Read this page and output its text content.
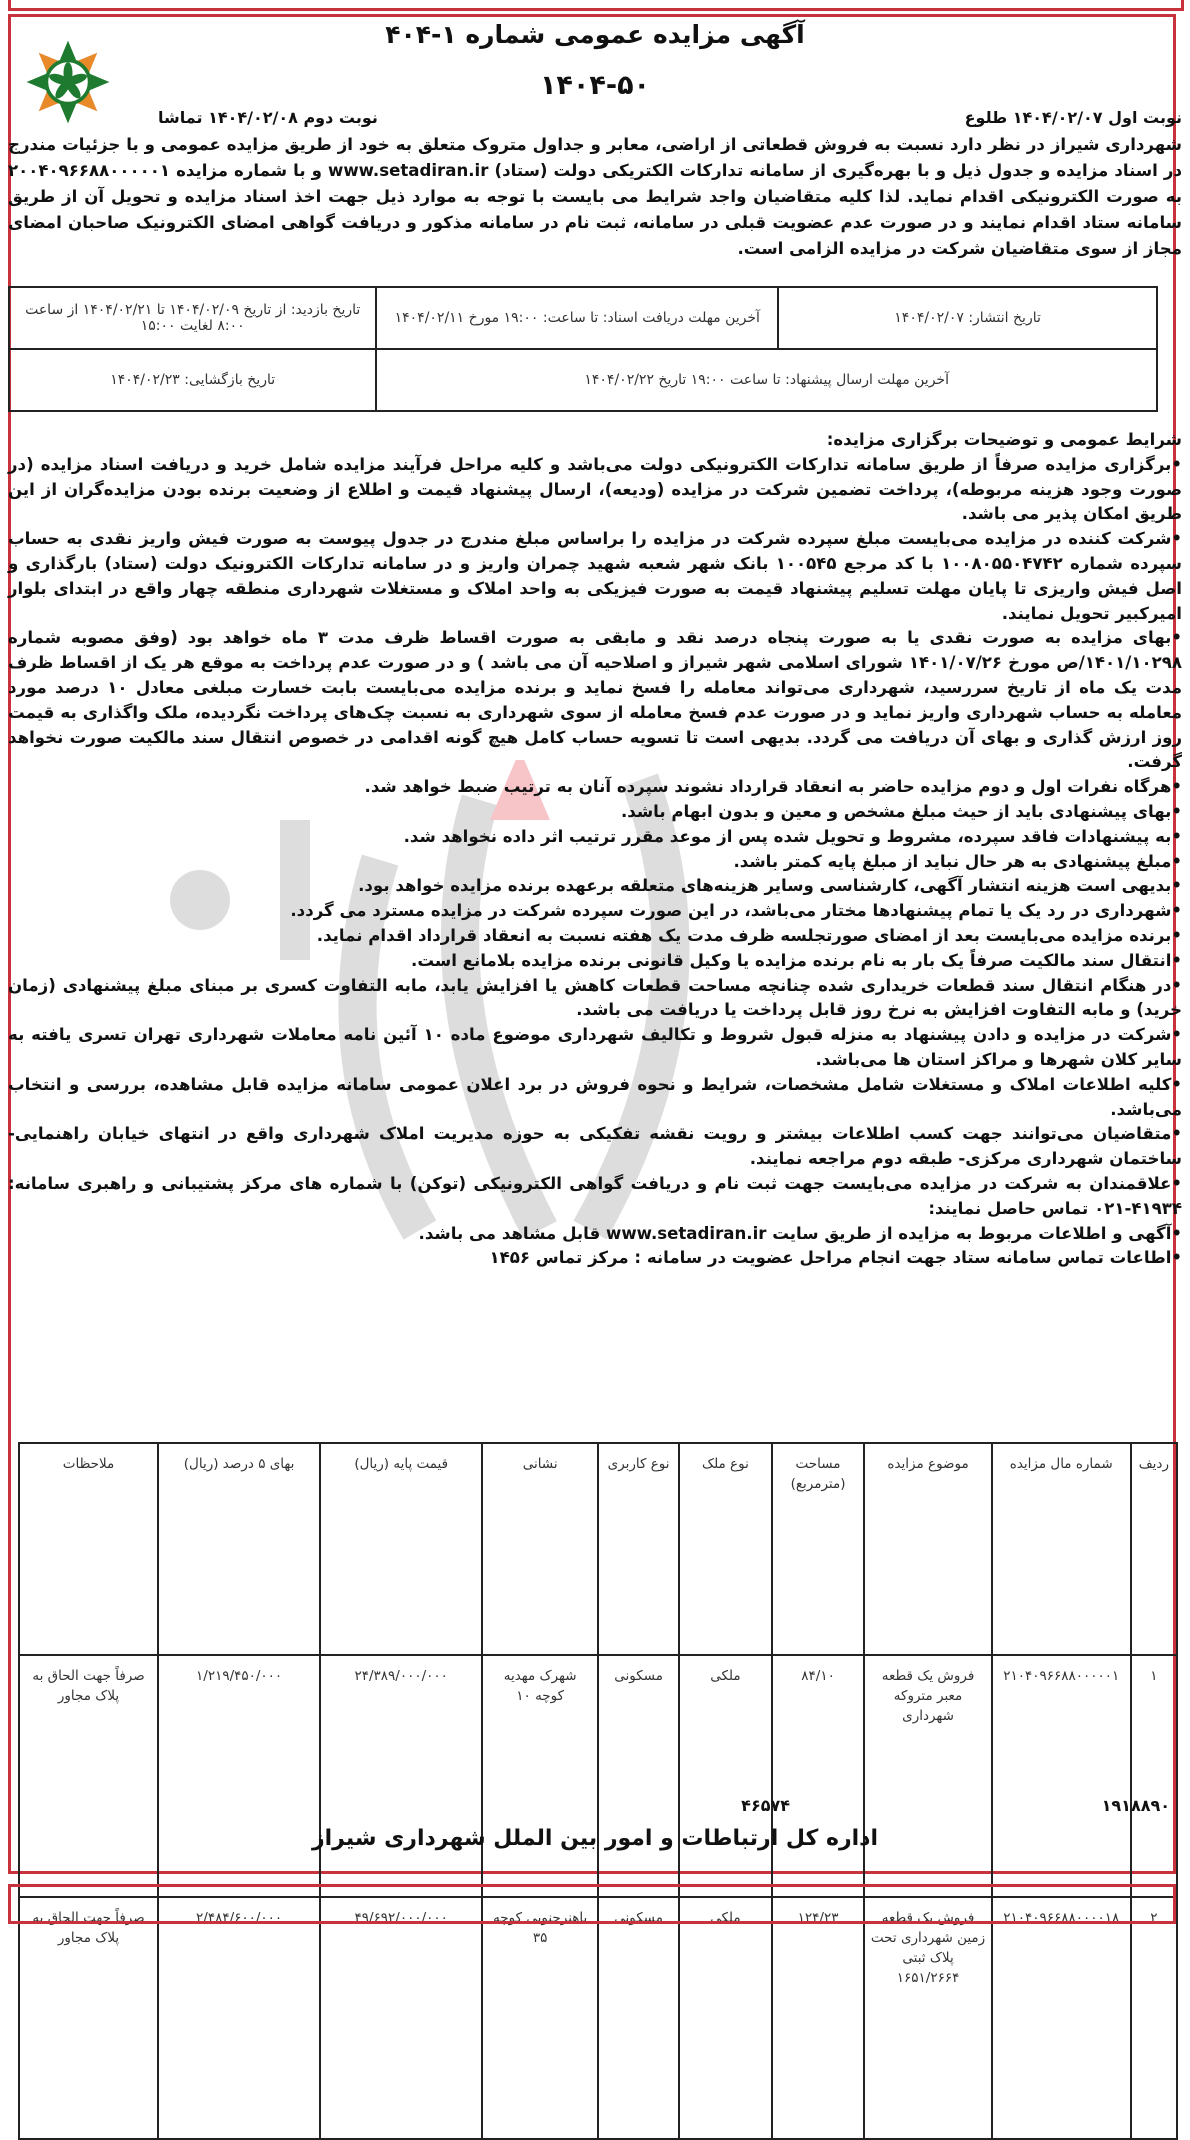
آگهی مزایده عمومی شماره ۱-۴۰۴
۱۴۰۴-۵۰
نوبت اول ۱۴۰۴/۰۲/۰۷ طلوع
نوبت دوم ۱۴۰۴/۰۲/۰۸ تماشا
شهرداری شیراز در نظر دارد نسبت به فروش قطعاتی از اراضی، معابر و جداول متروک متعلق به خود از طریق مزایده عمومی و با جزئیات مندرج در اسناد مزایده و جدول ذیل و با بهره‌گیری از سامانه تدارکات الکتریکی دولت (ستاد) www.setadiran.ir و با شماره مزایده ۲۰۰۴۰۹۶۶۸۸۰۰۰۰۰۱ به صورت الکترونیکی اقدام نماید. لذا کلیه متقاضیان واجد شرایط می بایست با توجه به موارد ذیل جهت اخذ اسناد مزایده و تحویل آن از طریق سامانه ستاد اقدام نمایند و در صورت عدم عضویت قبلی در سامانه، ثبت نام در سامانه مذکور و دریافت گواهی امضای الکترونیک صاحبان امضای مجاز از سوی متقاضیان شرکت در مزایده الزامی است.
تاریخ انتشار: ۱۴۰۴/۰۲/۰۷	آخرین مهلت دریافت اسناد: تا ساعت: ۱۹:۰۰ مورخ ۱۴۰۴/۰۲/۱۱	تاریخ بازدید: از تاریخ ۱۴۰۴/۰۲/۰۹ تا ۱۴۰۴/۰۲/۲۱ از ساعت ۸:۰۰ لغایت ۱۵:۰۰
آخرین مهلت ارسال پیشنهاد: تا ساعت ۱۹:۰۰ تاریخ ۱۴۰۴/۰۲/۲۲		تاریخ بازگشایی: ۱۴۰۴/۰۲/۲۳

شرایط عمومی و توضیحات برگزاری مزایده:

•برگزاری مزایده صرفاً از طریق سامانه تدارکات الکترونیکی دولت می‌باشد و کلیه مراحل فرآیند مزایده شامل خرید و دریافت اسناد مزایده (در صورت وجود هزینه مربوطه)، پرداخت تضمین شرکت در مزایده (ودیعه)، ارسال پیشنهاد قیمت و اطلاع از وضعیت برنده بودن مزایده‌گران از این طریق امکان پذیر می باشد.

•شرکت کننده در مزایده می‌بایست مبلغ سپرده شرکت در مزایده را براساس مبلغ مندرج در جدول پیوست به صورت فیش واریز نقدی به حساب سپرده شماره ۱۰۰۸۰۵۵۰۴۷۴۲ با کد مرجع ۱۰۰۵۴۵ بانک شهر شعبه شهید چمران واریز و در سامانه تدارکات الکترونیک دولت (ستاد) بارگذاری و اصل فیش واریزی تا پایان مهلت تسلیم پیشنهاد قیمت به صورت فیزیکی به واحد املاک و مستغلات شهرداری منطقه چهار واقع در ابتدای بلوار امیرکبیر تحویل نمایند.

•بهای مزایده به صورت نقدی یا به صورت پنجاه درصد نقد و مابقی به صورت اقساط ظرف مدت ۳ ماه خواهد بود (وفق مصوبه شماره ۱۴۰۱/۱۰۲۹۸/ص مورخ ۱۴۰۱/۰۷/۲۶ شورای اسلامی شهر شیراز و اصلاحیه آن می باشد ) و در صورت عدم پرداخت به موقع هر یک از اقساط ظرف مدت یک ماه از تاریخ سررسید، شهرداری می‌تواند معامله را فسخ نماید و برنده مزایده می‌بایست بابت خسارت مبلغی معادل ۱۰ درصد مورد معامله به حساب شهرداری واریز نماید و در صورت عدم فسخ معامله از سوی شهرداری به نسبت چک‌های پرداخت نگردیده، ملک واگذاری به قیمت روز ارزش گذاری و بهای آن دریافت می گردد. بدیهی است تا تسویه حساب کامل هیچ گونه اقدامی در خصوص انتقال سند مالکیت صورت نخواهد گرفت.

•هرگاه نفرات اول و دوم مزایده حاضر به انعقاد قرارداد نشوند سپرده آنان به ترتیب ضبط خواهد شد.

•بهای پیشنهادی باید از حیث مبلغ مشخص و معین و بدون ابهام باشد.

•به پیشنهادات فاقد سپرده، مشروط و تحویل شده پس از موعد مقرر ترتیب اثر داده نخواهد شد.

•مبلغ پیشنهادی به هر حال نباید از مبلغ پایه کمتر باشد.

•بدیهی است هزینه انتشار آگهی، کارشناسی وسایر هزینه‌های متعلقه برعهده برنده مزایده خواهد بود.

•شهرداری در رد یک یا تمام پیشنهادها مختار می‌باشد، در این صورت سپرده شرکت در مزایده مسترد می گردد.

•برنده مزایده می‌بایست بعد از امضای صورتجلسه ظرف مدت یک هفته نسبت به انعقاد قرارداد اقدام نماید.

•انتقال سند مالکیت صرفاً یک بار به نام برنده مزایده یا وکیل قانونی برنده مزایده بلامانع است.

•در هنگام انتقال سند قطعات خریداری شده چنانچه مساحت قطعات کاهش یا افزایش یابد، مابه التفاوت کسری بر مبنای مبلغ پیشنهادی (زمان خرید) و مابه التفاوت افزایش به نرخ روز قابل پرداخت یا دریافت می باشد.

•شرکت در مزایده و دادن پیشنهاد به منزله قبول شروط و تکالیف شهرداری موضوع ماده ۱۰ آئین نامه معاملات شهرداری تهران تسری یافته به سایر کلان شهرها و مراکز استان ها می‌باشد.

•کلیه اطلاعات املاک و مستغلات شامل مشخصات، شرایط و نحوه فروش در برد اعلان عمومی سامانه مزایده قابل مشاهده، بررسی و انتخاب می‌باشد.

•متقاضیان می‌توانند جهت کسب اطلاعات بیشتر و رویت نقشه تفکیکی به حوزه مدیریت املاک شهرداری واقع در انتهای خیابان راهنمایی- ساختمان شهرداری مرکزی- طبقه دوم مراجعه نمایند.

•علاقمندان به شرکت در مزایده می‌بایست جهت ثبت نام و دریافت گواهی الکترونیکی (توکن) با شماره های مرکز پشتیبانی و راهبری سامانه: ۴۱۹۳۴-۰۲۱ تماس حاصل نمایند:

•آگهی و اطلاعات مربوط به مزایده از طریق سایت www.setadiran.ir قابل مشاهد می باشد.

•اطاعات تماس سامانه ستاد جهت انجام مراحل عضویت در سامانه : مرکز تماس ۱۴۵۶

ردیف	شماره مال مزایده	موضوع مزایده	مساحت (مترمربع)	نوع ملک	نوع کاربری	نشانی	قیمت پایه (ریال)	بهای ۵ درصد (ریال)	ملاحظات
۱	۲۱۰۴۰۹۶۶۸۸۰۰۰۰۰۱	فروش یک قطعه معبر متروکه شهرداری	۸۴/۱۰	ملکی	مسکونی	شهرک مهدیه کوچه ۱۰	۲۴/۳۸۹/۰۰۰/۰۰۰	۱/۲۱۹/۴۵۰/۰۰۰	صرفاً جهت الحاق به پلاک مجاور
۲	۲۱۰۴۰۹۶۶۸۸۰۰۰۰۱۸	فروش یک قطعه زمین شهرداری تحت پلاک ثبتی ۱۶۵۱/۲۶۶۴	۱۲۴/۲۳	ملکی	مسکونی	باهنرجنوبی کوچه ۳۵	۴۹/۶۹۲/۰۰۰/۰۰۰	۲/۴۸۴/۶۰۰/۰۰۰	صرفاً جهت الحاق به پلاک مجاور
۱۹۱۸۸۹۰
۴۶۵۷۴
اداره کل ارتباطات و امور بین الملل شهرداری شیراز
